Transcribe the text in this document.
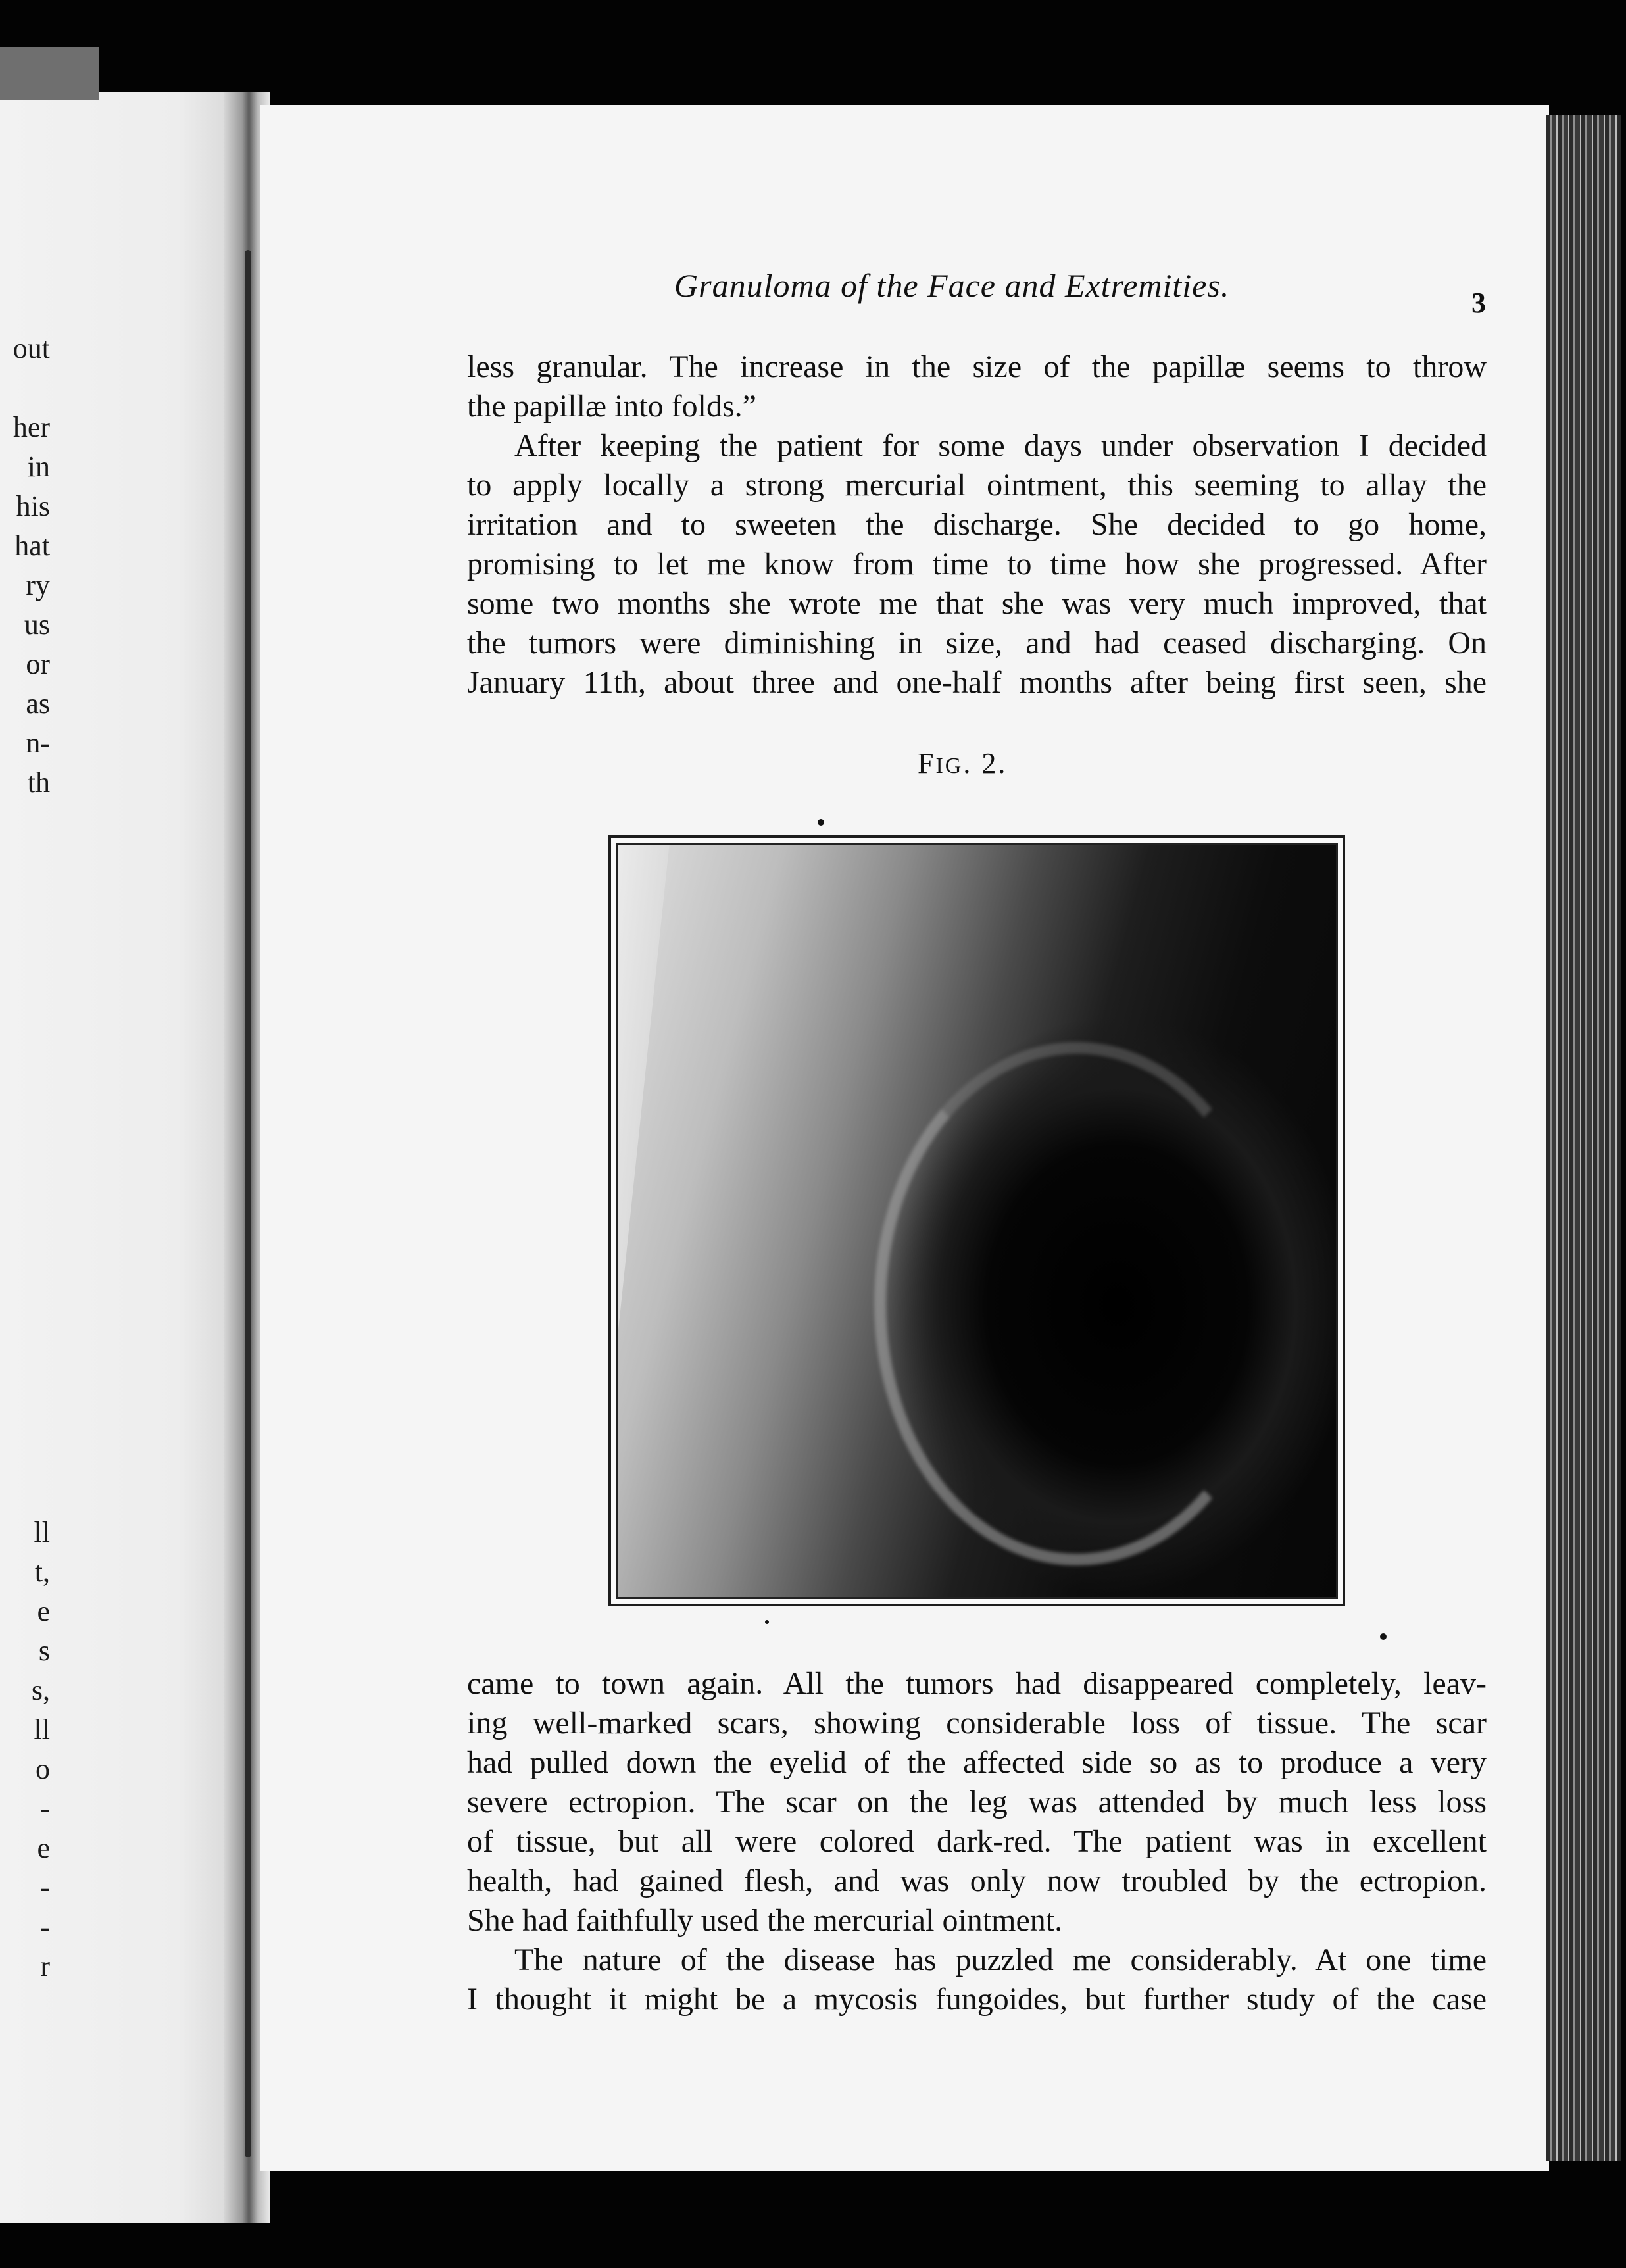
out
her
in
his
hat
ry
us
or
as
n-
th
ll
t,
e
s
s,
ll
o
-
e
-
-
r
Granuloma of the Face and Extremities.	3
less granular. The increase in the size of the papillæ seems to throw
the papillæ into folds.”
After keeping the patient for some days under observation I decided
to apply locally a strong mercurial ointment, this seeming to allay the
irritation and to sweeten the discharge. She decided to go home,
promising to let me know from time to time how she progressed. After
some two months she wrote me that she was very much improved, that
the tumors were diminishing in size, and had ceased discharging. On
January 11th, about three and one-half months after being first seen, she
FIG. 2.
came to town again. All the tumors had disappeared completely, leav-
ing well-marked scars, showing considerable loss of tissue. The scar
had pulled down the eyelid of the affected side so as to produce a very
severe ectropion. The scar on the leg was attended by much less loss
of tissue, but all were colored dark-red. The patient was in excellent
health, had gained flesh, and was only now troubled by the ectropion.
She had faithfully used the mercurial ointment.
The nature of the disease has puzzled me considerably. At one time
I thought it might be a mycosis fungoides, but further study of the case
